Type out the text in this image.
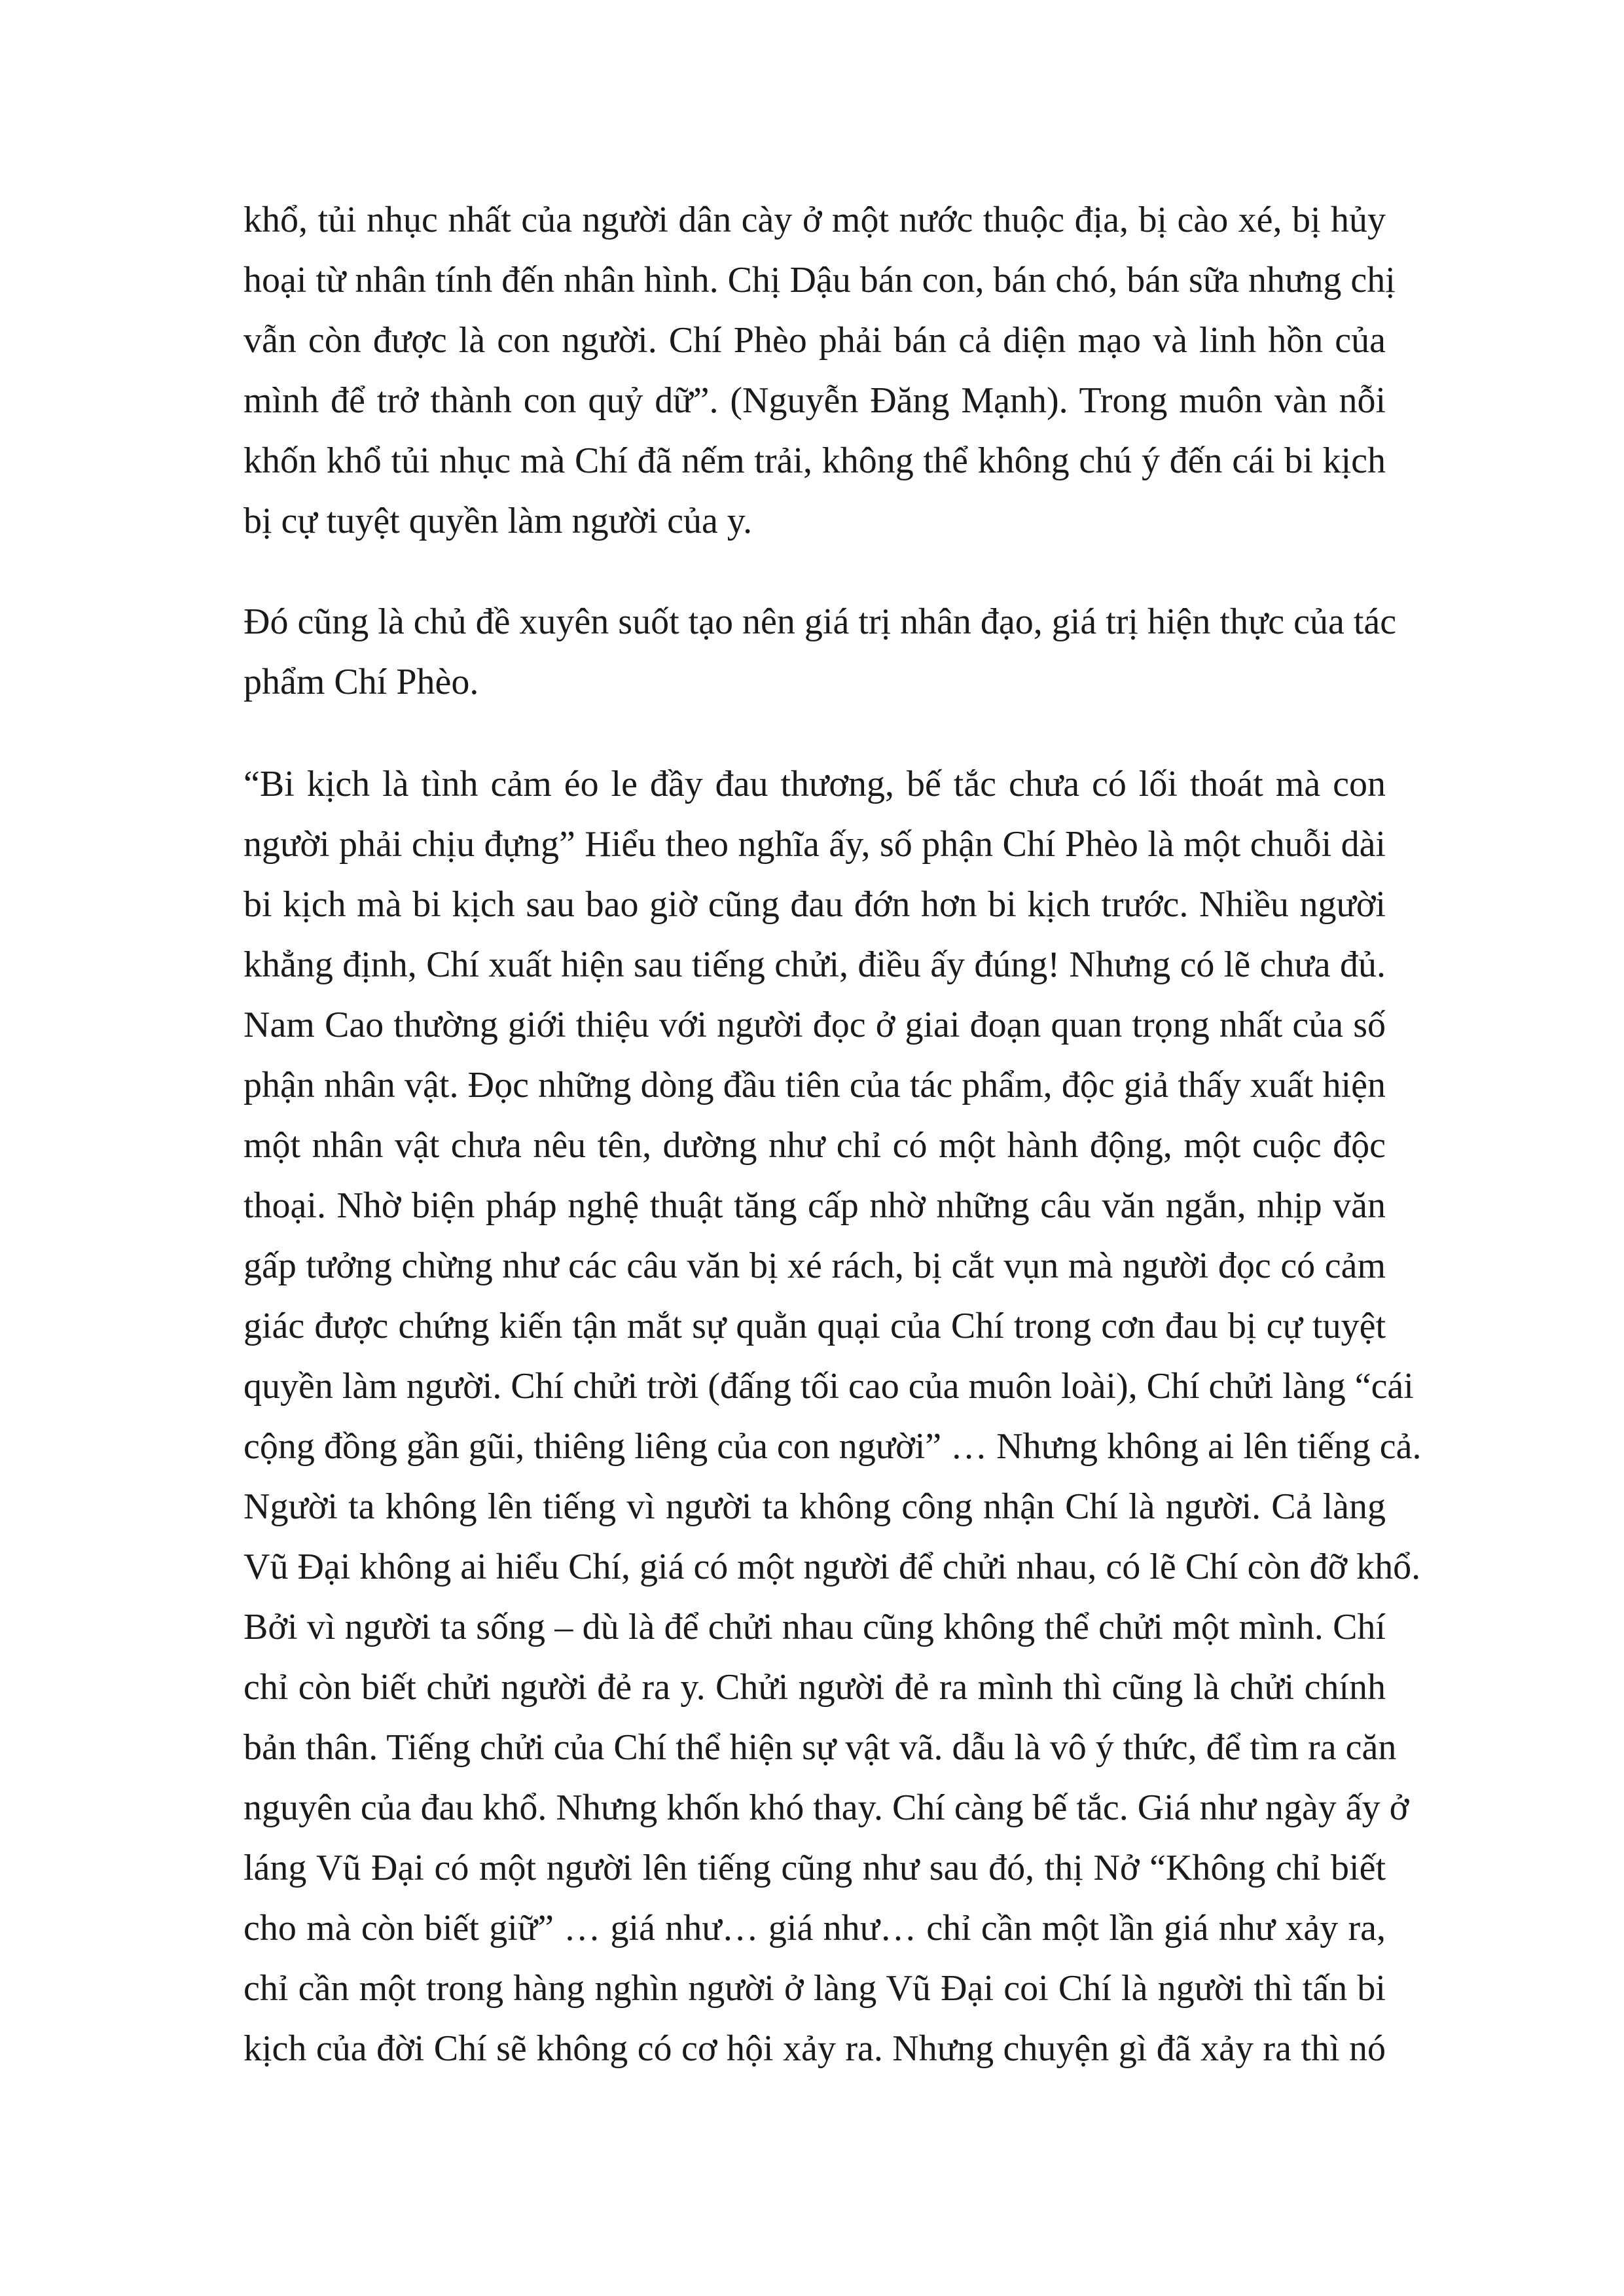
khổ, tủi nhục nhất của người dân cày ở một nước thuộc địa, bị cào xé, bị hủy
hoại từ nhân tính đến nhân hình. Chị Dậu bán con, bán chó, bán sữa nhưng chị
vẫn còn được là con người. Chí Phèo phải bán cả diện mạo và linh hồn của
mình để trở thành con quỷ dữ”. (Nguyễn Đăng Mạnh). Trong muôn vàn nỗi
khốn khổ tủi nhục mà Chí đã nếm trải, không thể không chú ý đến cái bi kịch
bị cự tuyệt quyền làm người của y.
Đó cũng là chủ đề xuyên suốt tạo nên giá trị nhân đạo, giá trị hiện thực của tác
phẩm Chí Phèo.
“Bi kịch là tình cảm éo le đầy đau thương, bế tắc chưa có lối thoát mà con
người phải chịu đựng” Hiểu theo nghĩa ấy, số phận Chí Phèo là một chuỗi dài
bi kịch mà bi kịch sau bao giờ cũng đau đớn hơn bi kịch trước. Nhiều người
khẳng định, Chí xuất hiện sau tiếng chửi, điều ấy đúng! Nhưng có lẽ chưa đủ.
Nam Cao thường giới thiệu với người đọc ở giai đoạn quan trọng nhất của số
phận nhân vật. Đọc những dòng đầu tiên của tác phẩm, độc giả thấy xuất hiện
một nhân vật chưa nêu tên, dường như chỉ có một hành động, một cuộc độc
thoại. Nhờ biện pháp nghệ thuật tăng cấp nhờ những câu văn ngắn, nhịp văn
gấp tưởng chừng như các câu văn bị xé rách, bị cắt vụn mà người đọc có cảm
giác được chứng kiến tận mắt sự quằn quại của Chí trong cơn đau bị cự tuyệt
quyền làm người. Chí chửi trời (đấng tối cao của muôn loài), Chí chửi làng “cái
cộng đồng gần gũi, thiêng liêng của con người” … Nhưng không ai lên tiếng cả.
Người ta không lên tiếng vì người ta không công nhận Chí là người. Cả làng
Vũ Đại không ai hiểu Chí, giá có một người để chửi nhau, có lẽ Chí còn đỡ khổ.
Bởi vì người ta sống – dù là để chửi nhau cũng không thể chửi một mình. Chí
chỉ còn biết chửi người đẻ ra y. Chửi người đẻ ra mình thì cũng là chửi chính
bản thân. Tiếng chửi của Chí thể hiện sự vật vã. dẫu là vô ý thức, để tìm ra căn
nguyên của đau khổ. Nhưng khốn khó thay. Chí càng bế tắc. Giá như ngày ấy ở
láng Vũ Đại có một người lên tiếng cũng như sau đó, thị Nở “Không chỉ biết
cho mà còn biết giữ” … giá như… giá như… chỉ cần một lần giá như xảy ra,
chỉ cần một trong hàng nghìn người ở làng Vũ Đại coi Chí là người thì tấn bi
kịch của đời Chí sẽ không có cơ hội xảy ra. Nhưng chuyện gì đã xảy ra thì nó
